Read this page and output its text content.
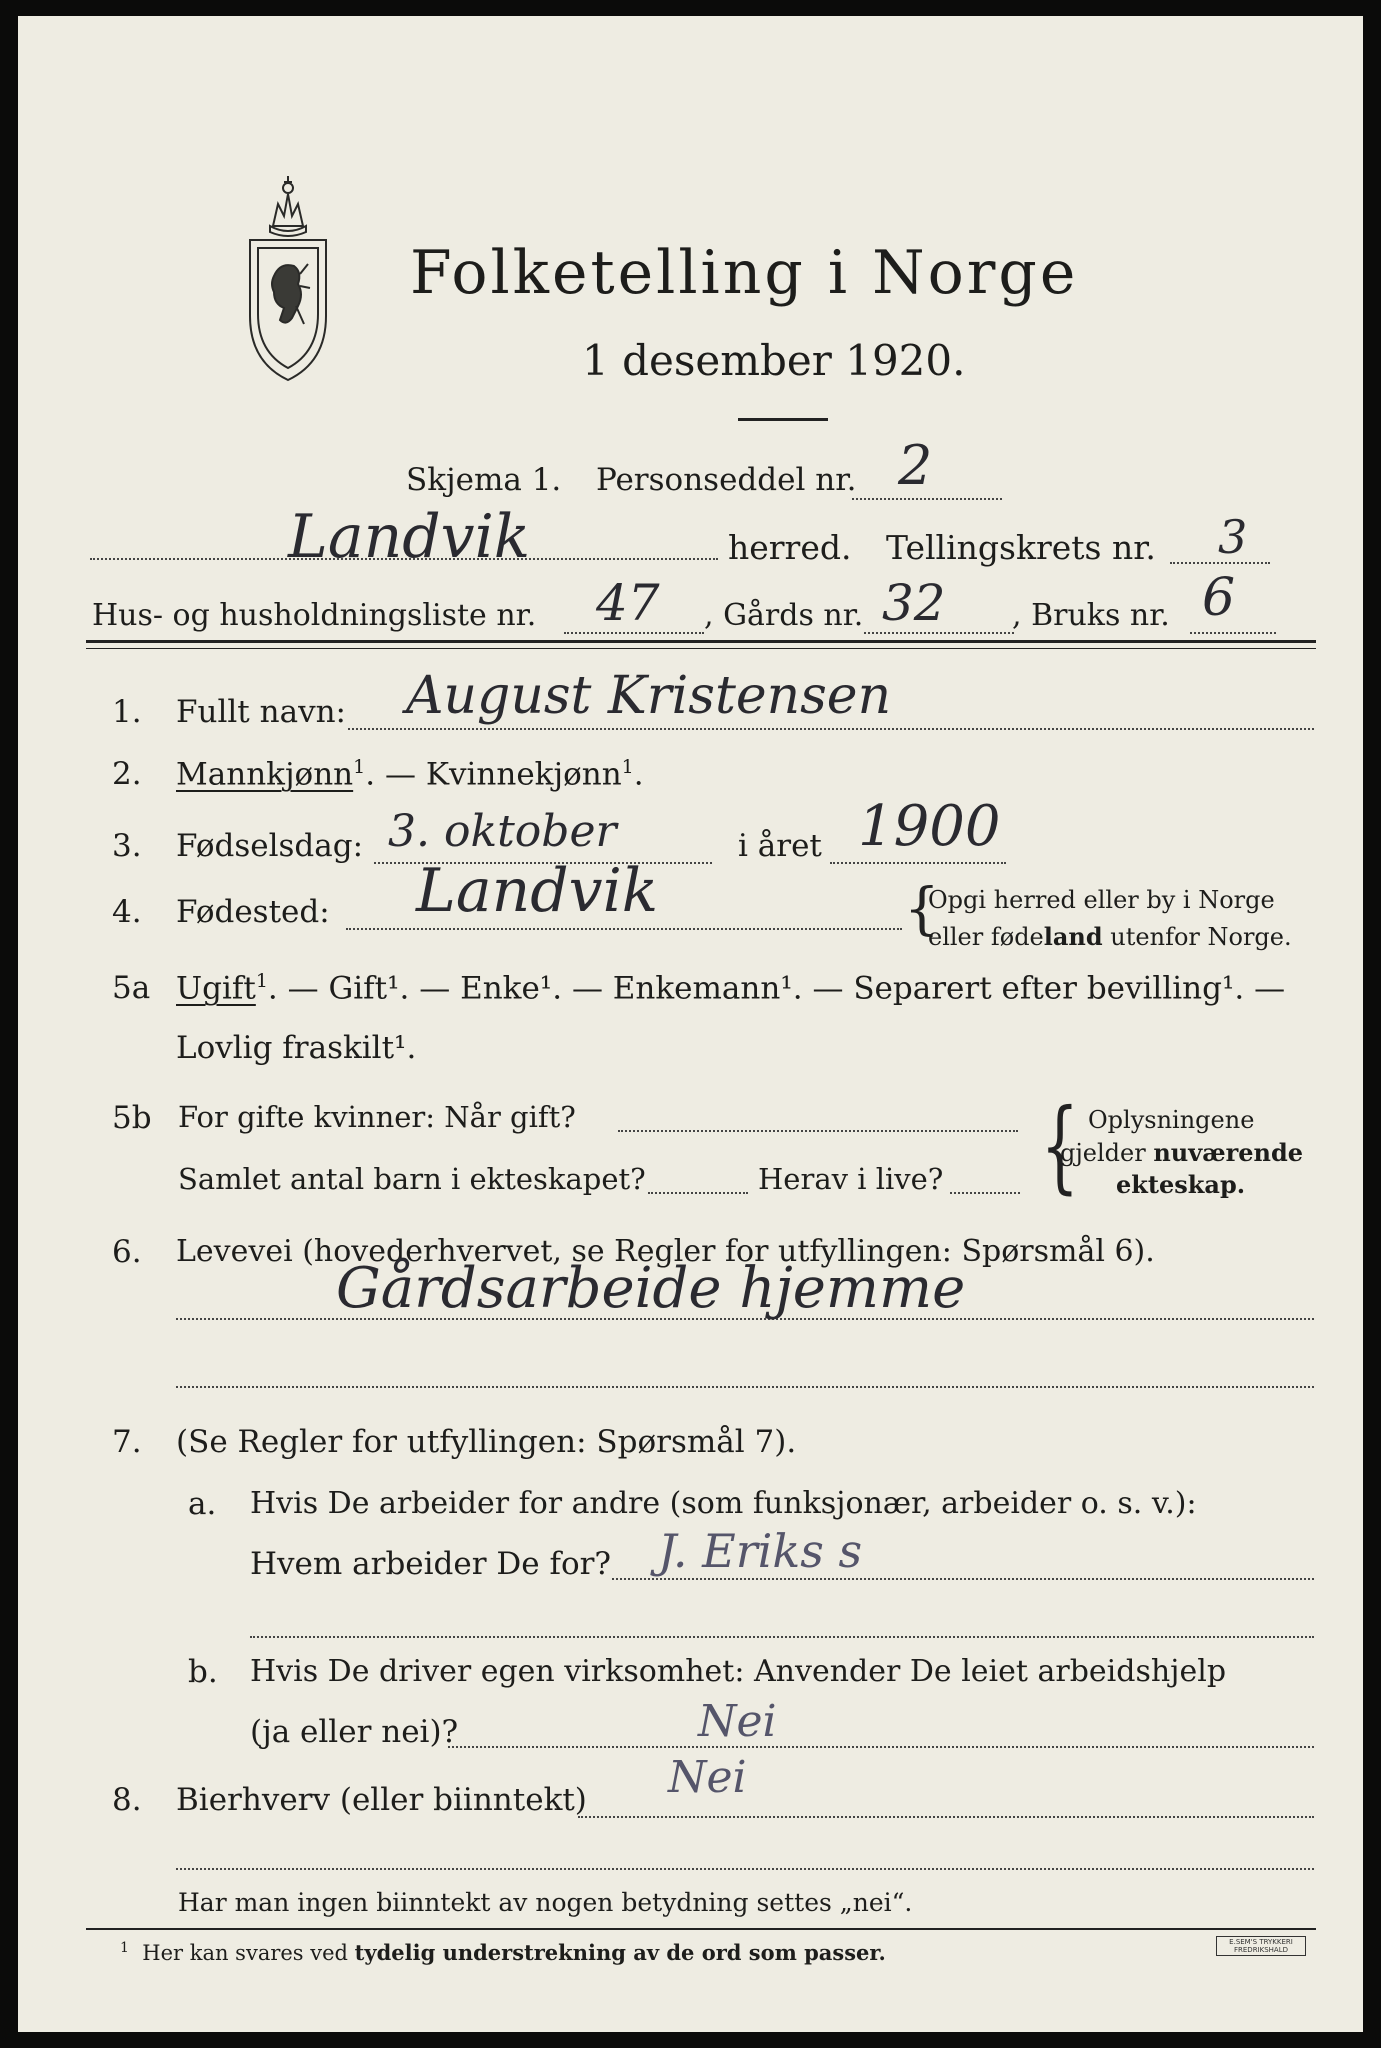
Folketelling i Norge
1 desember 1920.
Skjema 1. Personseddel nr. 2
Landvik	herred. Tellingskrets nr. 3
Hus- og husholdningsliste nr. 47 , Gårds nr. 32 , Bruks nr. 6
1. Fullt navn: August Kristensen
2. Mannkjønn$^1$. — Kvinnekjønn$^1$.
3. Fødselsdag: 3. oktober	i året 1900
4. Fødested: Landvik	{
Opgi herred eller by i Norge
eller fødeland utenfor Norge.
5a Ugift$^1$. — Gift¹. — Enke¹. — Enkemann¹. — Separert efter bevilling¹. —
Lovlig fraskilt¹.
5b For gifte kvinner: Når gift?
Samlet antal barn i ekteskapet?	Herav i live? { Oplysningene
gjelder nuværende
ekteskap.
6. Levevei (hovederhvervet, se Regler for utfyllingen: Spørsmål 6).
Gårdsarbeide hjemme
7. (Se Regler for utfyllingen: Spørsmål 7).
a. Hvis De arbeider for andre (som funksjonær, arbeider o. s. v.):
Hvem arbeider De for? J. Eriks s
b. Hvis De driver egen virksomhet: Anvender De leiet arbeidshjelp
(ja eller nei)?	Nei
8. Bierhverv (eller biinntekt) Nei
Har man ingen biinntekt av nogen betydning settes „nei“.
$^1$ Her kan svares ved tydelig understrekning av de ord som passer.	E.SEM'S TRYKKERI
FREDRIKSHALD
